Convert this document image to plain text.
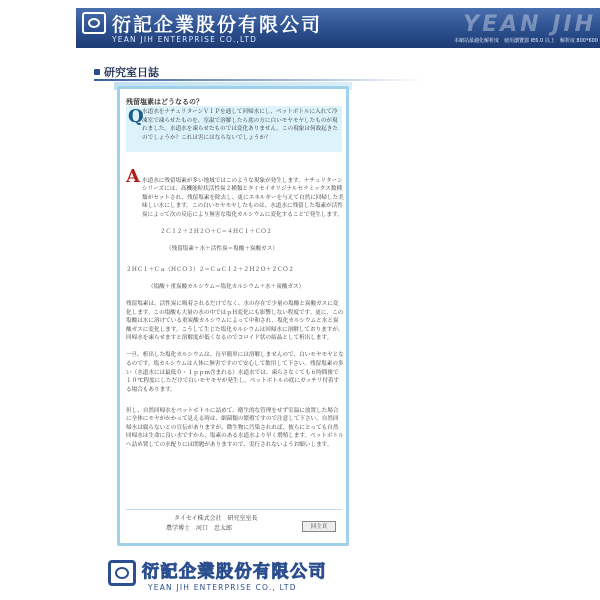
衍記企業股份有限公司
YEAN JIH ENTERPRISE CO.,LTD
YEAN JIH
本網站最適化解析度　使用瀏覽器 IE6.0 以上　解析度 800*600
研究室日誌
残留塩素はどうなるの？
Q
水道水をナチュリターンＶＩＰを通して回帰水にし、ペットボトルに入れて冷凍室で凍らせたものを、室温で溶解したら底の方に白いモヤモヤしたものが現れました。水道水を凍らせたものでは変化ありません。この現象は何故起きたのでしょうか？これは害にはならないでしょうか？
A 水道水に残留塩素が多い地域ではこのような現象が発生します。ナチュリターンシリーズには、高機能粒状活性炭２種類とタイセイオリジナルセラミックス数種類がセットされ、残留塩素を除去し、更にエネルギーを与えて自然に回帰した美味しい水にします。この白いモヤモヤしたものは、水道水に残留した塩素が活性炭によって次の反応により無害な塩化カルシウムに変化することで発生します。

２ＣＩ２＋２Ｈ２Ｏ＋Ｃ＝４ＨＣＩ＋ＣＯ２

（残留塩素＋水＋活性炭＝塩酸＋炭酸ガス）

２ＨＣＩ＋Ｃａ（ＨＣＯ３）２＝ＣａＣＩ２＋２Ｈ２Ｏ＋２ＣＯ２

（塩酸＋重炭酸カルシウム＝塩化カルシウム＋水＋炭酸ガス）

残留塩素は、活性炭に吸着されるだけでなく、水の存在で少量の塩酸と炭酸ガスに変化します。この塩酸も大量の水の中ではｐＨ変化にも影響しない程度です。更に、この塩酸は水に溶けている重炭酸カルシウムによって中和され、塩化カルシウムと水と炭酸ガスに変化します。こうして生じた塩化カルシウムは回帰水に溶解しておりますが、回帰水を凍らせますと溶解度が低くなるのでコロイド状の結晶として析出します。

一旦、析出した塩化カルシウムは、長早簡単には溶解しませんので、白いモヤモヤとなるのです。塩カルシウムは人体に無害ですので安心して飲用して下さい。残留塩素の多い（水道水には最低０・１ｐｐｍ含まれる）水道水では、凍らさなくても６時間後で１０℃程度にしただけで白いモヤモヤが発生し、ペットボトルの底にガッチリ付着する場合もあります。

但し、自然回帰水をペットボトルに詰めて、衛生的な管理をせず室温に放置した場合に全体にモヤがかかって見える時は、細菌類の繁殖ですので注意して下さい。自然回帰水は腐らないとの宣伝がありますが、微生物に汚染されれば、彼らにとっても自然回帰水は生命に良い水ですから、塩素のある水道水より早く増殖します。ペットボトルへ詰め置しての水配りには問題がありますので、実行されないようお願いします。

タイセイ株式会社　研究室室長
農学博士　河口　忠太郎	回主頁
衍記企業股份有限公司
YEAN JIH ENTERPRISE CO., LTD
